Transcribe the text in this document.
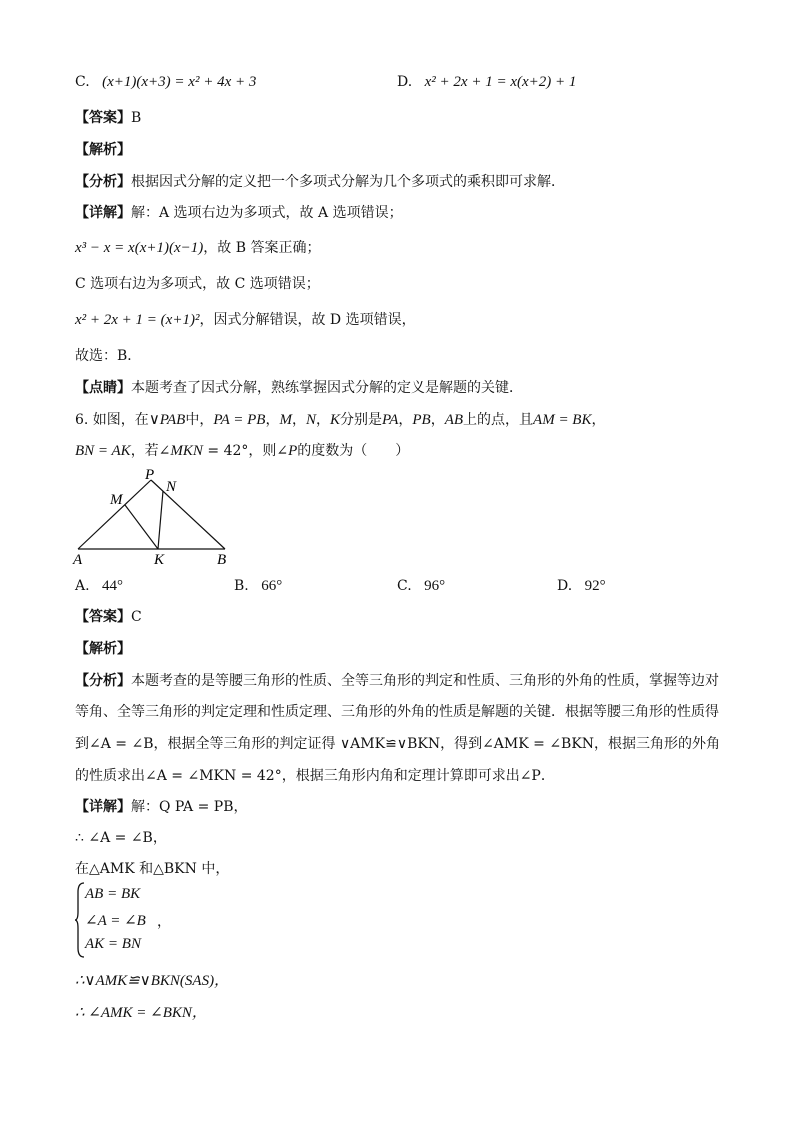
C. (x+1)(x+3) = x² + 4x + 3	D. x² + 2x + 1 = x(x+2) + 1
【答案】B
【解析】
【分析】根据因式分解的定义把一个多项式分解为几个多项式的乘积即可求解．
【详解】解：A 选项右边为多项式，故 A 选项错误；
x³ − x = x(x+1)(x−1)，故 B 答案正确；
C 选项右边为多项式，故 C 选项错误；
x² + 2x + 1 = (x+1)²，因式分解错误，故 D 选项错误，
故选：B．
【点睛】本题考查了因式分解，熟练掌握因式分解的定义是解题的关键．
6. 如图，在∨PAB中，PA = PB，M，N，K分别是PA，PB，AB上的点，且AM = BK，
BN = AK，若∠MKN = 42°，则∠P的度数为（　　）
P
N
M
A	K	B
A. 44°	B. 66°	C. 96°	D. 92°
【答案】C
【解析】
【分析】本题考查的是等腰三角形的性质、全等三角形的判定和性质、三角形的外角的性质，掌握等边对
等角、全等三角形的判定定理和性质定理、三角形的外角的性质是解题的关键．根据等腰三角形的性质得
到∠A = ∠B，根据全等三角形的判定证得 ∨AMK≌∨BKN，得到∠AMK = ∠BKN，根据三角形的外角
的性质求出∠A = ∠MKN = 42°，根据三角形内角和定理计算即可求出∠P．
【详解】解：Q PA = PB，
∴ ∠A = ∠B，
在△AMK 和△BKN 中，
AB = BK
∠A = ∠B
AK = BN
，
∴∨AMK≌∨BKN(SAS)，
∴ ∠AMK = ∠BKN，
